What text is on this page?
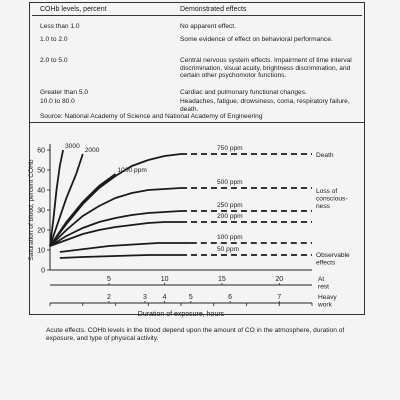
COHb levels, percent	Demonstrated effects
Less than 1.0	No apparent effect.
1.0 to 2.0	Some evidence of effect on behavioral performance.
2.0 to 5.0	Central nervous system effects. Impairment of time interval discrimination, visual acuity, brightness discrimination, and certain other psychomotor functions.
Greater than 5.0	Cardiac and pulmonary functional changes.
10.0 to 80.0	Headaches, fatigue, drowsiness, coma, respiratory failure, death.
Source: National Academy of Science and National Academy of Engineering
0
10
20
30
40
50
60
Saturation of blood, percent COHb
3000
2000
1000 ppm
750 ppm
500 ppm
250 ppm
200 ppm
100 ppm
50 ppm
Death
Loss of conscious-ness
Observable effects
5	10	15	20	At rest
2	3 4	5	6	7	Heavy work
Duration of exposure, hours
Acute effects. COHb levels in the blood depend upon the amount of CO in the atmosphere, duration of exposure, and type of physical activity.
